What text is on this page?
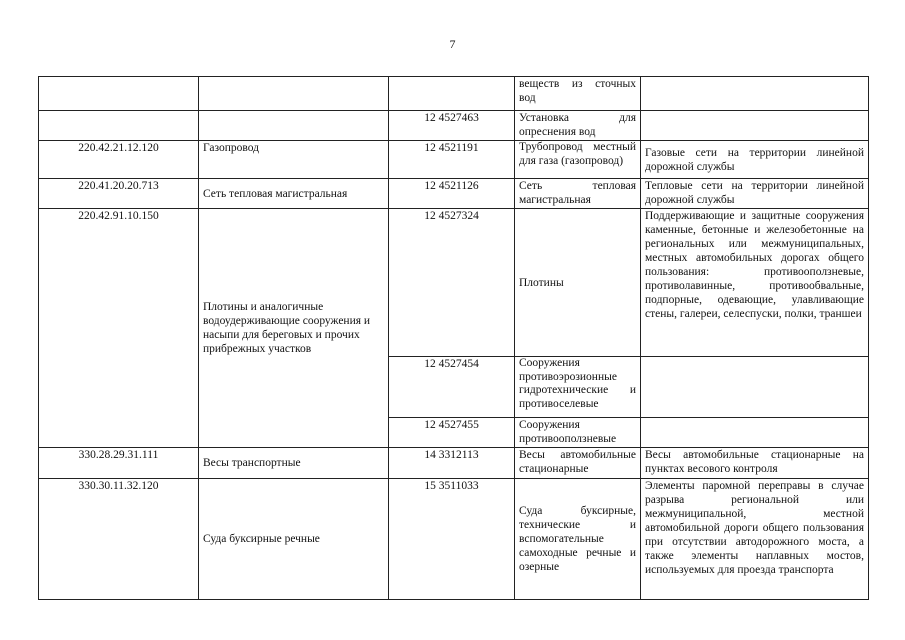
7
			веществ из сточных вод	
		12 4527463	Установка для опреснения вод	
220.42.21.12.120	Газопровод	12 4521191	Трубопровод местный для газа (газопровод)	Газовые сети на территории линейной дорожной службы
220.41.20.20.713	Сеть тепловая магистральная	12 4521126	Сеть тепловая магистральная	Тепловые сети на территории линейной дорожной службы
220.42.91.10.150	Плотины и аналогичные водоудерживающие сооружения и насыпи для береговых и прочих прибрежных участков	12 4527324	Плотины	Поддерживающие и защитные сооружения каменные, бетонные и железобетонные на региональных или межмуниципальных, местных автомобильных дорогах общего пользования: противооползневые, противолавинные, противообвальные, подпорные, одевающие, улавливающие стены, галереи, селеспуски, полки, траншеи
		12 4527454	Сооружения противоэрозионные гидротехнические и противоселевые	
		12 4527455	Сооружения противооползневые	
330.28.29.31.111	Весы транспортные	14 3312113	Весы автомобильные стационарные	Весы автомобильные стационарные на пунктах весового контроля
330.30.11.32.120	Суда буксирные речные	15 3511033	Суда буксирные, технические и вспомогательные самоходные речные и озерные	Элементы паромной переправы в случае разрыва региональной или межмуниципальной, местной автомобильной дороги общего пользования при отсутствии автодорожного моста, а также элементы наплавных мостов, используемых для проезда транспорта
